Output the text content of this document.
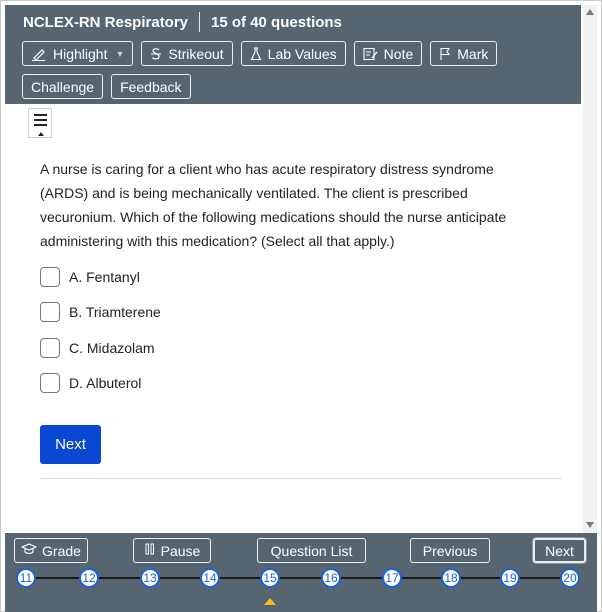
NCLEX-RN Respiratory 15 of 40 questions
Highlight ▼	Strikeout	Lab Values	Note	Mark
Challenge Feedback
A nurse is caring for a client who has acute respiratory distress syndrome (ARDS) and is being mechanically ventilated. The client is prescribed vecuronium. Which of the following medications should the nurse anticipate administering with this medication? (Select all that apply.)
A. Fentanyl
B. Triamterene
C. Midazolam
D. Albuterol
Next
Grade	Pause	Question List	Previous	Next
11	12	13	14	15	16	17	18	19	20
